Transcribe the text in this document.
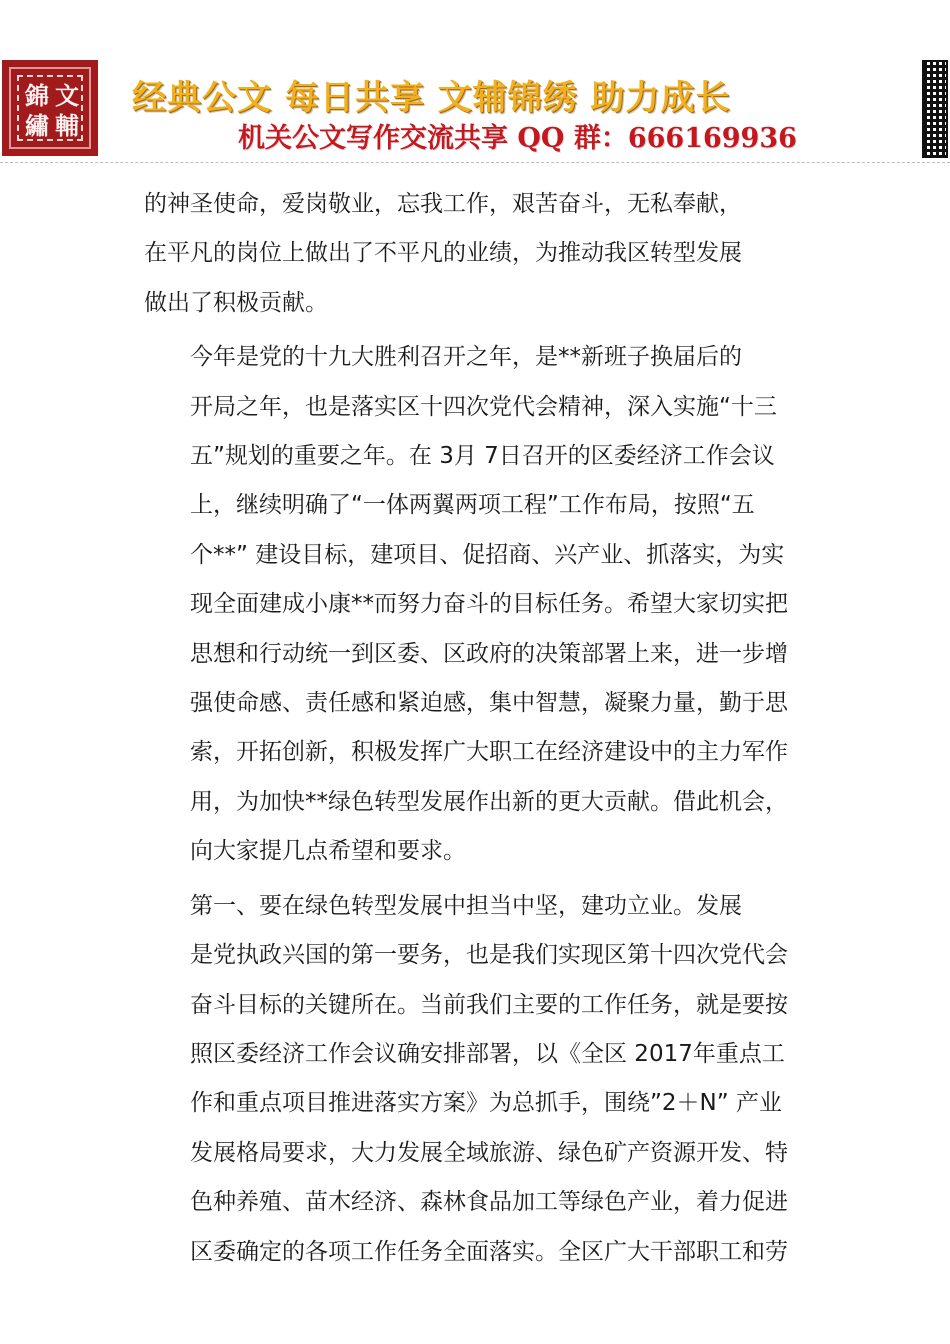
錦 文
繡 輔
经典公文 每日共享 文辅锦绣 助力成长
机关公文写作交流共享 QQ 群：666169936
的神圣使命，爱岗敬业，忘我工作，艰苦奋斗，无私奉献，
在平凡的岗位上做出了不平凡的业绩，为推动我区转型发展
做出了积极贡献。
今年是党的十九大胜利召开之年，是**新班子换届后的
开局之年，也是落实区十四次党代会精神，深入实施“十三
五”规划的重要之年。在 3月 7日召开的区委经济工作会议
上，继续明确了“一体两翼两项工程”工作布局，按照“五
个**” 建设目标，建项目、促招商、兴产业、抓落实，为实
现全面建成小康**而努力奋斗的目标任务。希望大家切实把
思想和行动统一到区委、区政府的决策部署上来，进一步增
强使命感、责任感和紧迫感，集中智慧，凝聚力量，勤于思
索，开拓创新，积极发挥广大职工在经济建设中的主力军作
用，为加快**绿色转型发展作出新的更大贡献。借此机会，
向大家提几点希望和要求。
第一、要在绿色转型发展中担当中坚，建功立业。发展
是党执政兴国的第一要务，也是我们实现区第十四次党代会
奋斗目标的关键所在。当前我们主要的工作任务，就是要按
照区委经济工作会议确安排部署，以《全区 2017年重点工
作和重点项目推进落实方案》为总抓手，围绕”2＋N” 产业
发展格局要求，大力发展全域旅游、绿色矿产资源开发、特
色种养殖、苗木经济、森林食品加工等绿色产业，着力促进
区委确定的各项工作任务全面落实。全区广大干部职工和劳
